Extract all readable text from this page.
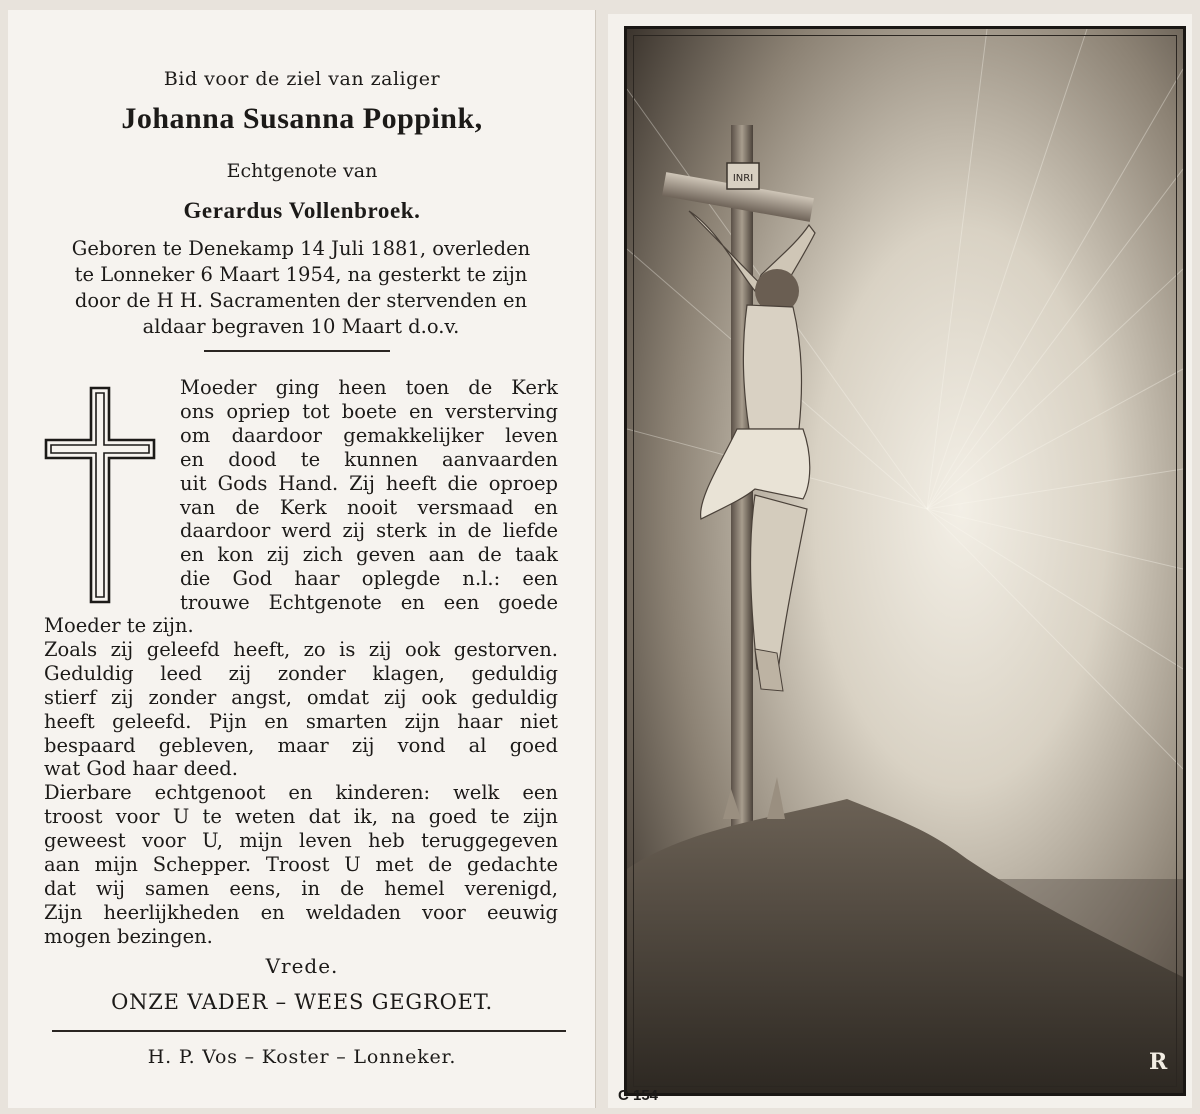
Bid voor de ziel van zaliger
Johanna Susanna Poppink,
Echtgenote van
Gerardus Vollenbroek.
Geboren te Denekamp 14 Juli 1881, overleden
te Lonneker 6 Maart 1954, na gesterkt te zijn
door de H H. Sacramenten der stervenden en
aldaar begraven 10 Maart d.o.v.
Moeder ging heen toen de Kerk
ons opriep tot boete en versterving
om daardoor gemakkelijker leven
en dood te kunnen aanvaarden
uit Gods Hand. Zij heeft die oproep
van de Kerk nooit versmaad en
daardoor werd zij sterk in de liefde
en kon zij zich geven aan de taak
die God haar oplegde n.l.: een
trouwe Echtgenote en een goede
Moeder te zijn.
Zoals zij geleefd heeft, zo is zij ook gestorven.
Geduldig leed zij zonder klagen, geduldig
stierf zij zonder angst, omdat zij ook geduldig
heeft geleefd. Pijn en smarten zijn haar niet
bespaard gebleven, maar zij vond al goed
wat God haar deed.
Dierbare echtgenoot en kinderen: welk een
troost voor U te weten dat ik, na goed te zijn
geweest voor U, mijn leven heb teruggegeven
aan mijn Schepper. Troost U met de gedachte
dat wij samen eens, in de hemel verenigd,
Zijn heerlijkheden en weldaden voor eeuwig
mogen bezingen.
Vrede.
ONZE VADER – WEES GEGROET.
H. P. Vos – Koster – Lonneker.
INRI
R
C 154
